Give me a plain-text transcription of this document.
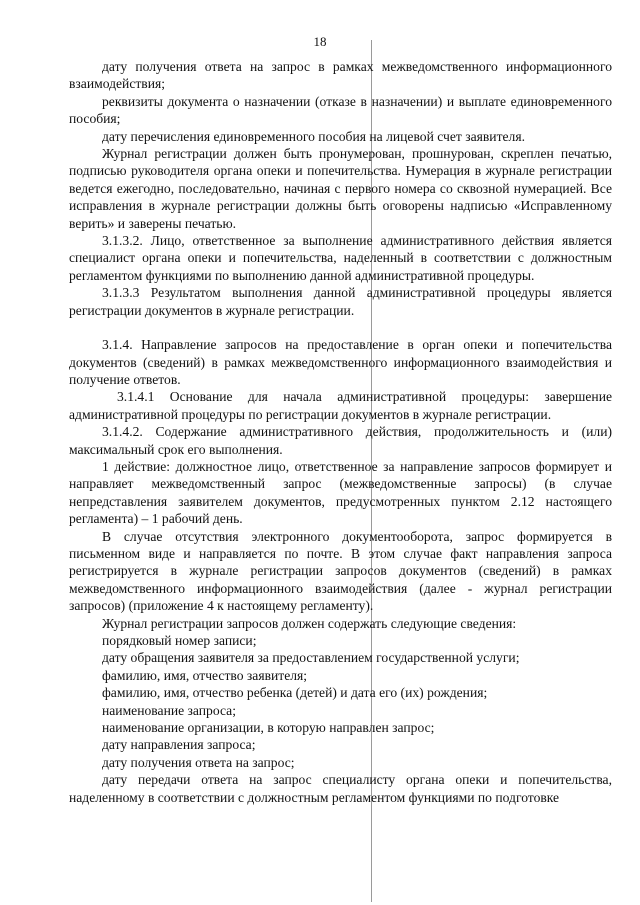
18

дату получения ответа на запрос в рамках межведомственного информационного взаимодействия;

реквизиты документа о назначении (отказе в назначении) и выплате единовременного пособия;

дату перечисления единовременного пособия на лицевой счет заявителя.

Журнал регистрации должен быть пронумерован, прошнурован, скреплен печатью, подписью руководителя органа опеки и попечительства. Нумерация в журнале регистрации ведется ежегодно, последовательно, начиная с первого номера со сквозной нумерацией. Все исправления в журнале регистрации должны быть оговорены надписью «Исправленному верить» и заверены печатью.

3.1.3.2. Лицо, ответственное за выполнение административного действия является специалист органа опеки и попечительства, наделенный в соответствии с должностным регламентом функциями по выполнению данной административной процедуры.

3.1.3.3 Результатом выполнения данной административной процедуры является регистрации документов в журнале регистрации.

3.1.4. Направление запросов на предоставление в орган опеки и попечительства документов (сведений) в рамках межведомственного информационного взаимодействия и получение ответов.

3.1.4.1 Основание для начала административной процедуры: завершение административной процедуры по регистрации документов в журнале регистрации.

3.1.4.2. Содержание административного действия, продолжительность и (или) максимальный срок его выполнения.

1 действие: должностное лицо, ответственное за направление запросов формирует и направляет межведомственный запрос (межведомственные запросы) (в случае непредставления заявителем документов, предусмотренных пунктом 2.12 настоящего регламента) – 1 рабочий день.

В случае отсутствия электронного документооборота, запрос формируется в письменном виде и направляется по почте. В этом случае факт направления запроса регистрируется в журнале регистрации запросов документов (сведений) в рамках межведомственного информационного взаимодействия (далее - журнал регистрации запросов) (приложение 4 к настоящему регламенту).

Журнал регистрации запросов должен содержать следующие сведения:

порядковый номер записи;

дату обращения заявителя за предоставлением государственной услуги;

фамилию, имя, отчество заявителя;

фамилию, имя, отчество ребенка (детей) и дата его (их) рождения;

наименование запроса;

наименование организации, в которую направлен запрос;

дату направления запроса;

дату получения ответа на запрос;

дату передачи ответа на запрос специалисту органа опеки и попечительства, наделенному в соответствии с должностным регламентом функциями по подготовке
